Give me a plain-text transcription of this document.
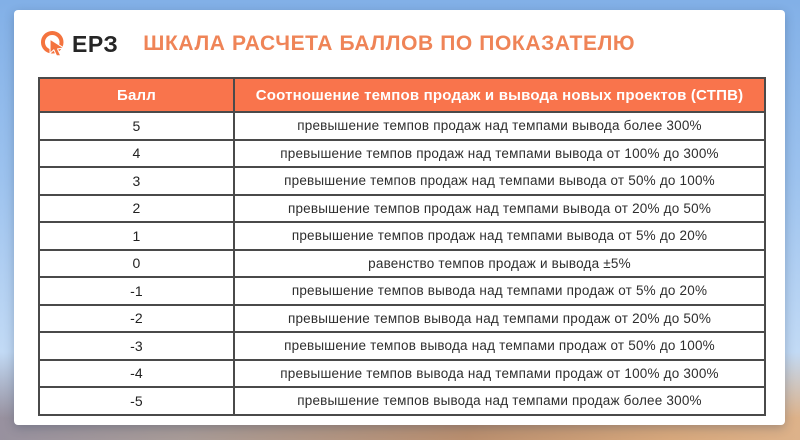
ЕРЗ ШКАЛА РАСЧЕТА БАЛЛОВ ПО ПОКАЗАТЕЛЮ
Балл	Соотношение темпов продаж и вывода новых проектов (СТПВ)
5	превышение темпов продаж над темпами вывода более 300%
4	превышение темпов продаж над темпами вывода от 100% до 300%
3	превышение темпов продаж над темпами вывода от 50% до 100%
2	превышение темпов продаж над темпами вывода от 20% до 50%
1	превышение темпов продаж над темпами вывода от 5% до 20%
0	равенство темпов продаж и вывода ±5%
-1	превышение темпов вывода над темпами продаж от 5% до 20%
-2	превышение темпов вывода над темпами продаж от 20% до 50%
-3	превышение темпов вывода над темпами продаж от 50% до 100%
-4	превышение темпов вывода над темпами продаж от 100% до 300%
-5	превышение темпов вывода над темпами продаж более 300%
